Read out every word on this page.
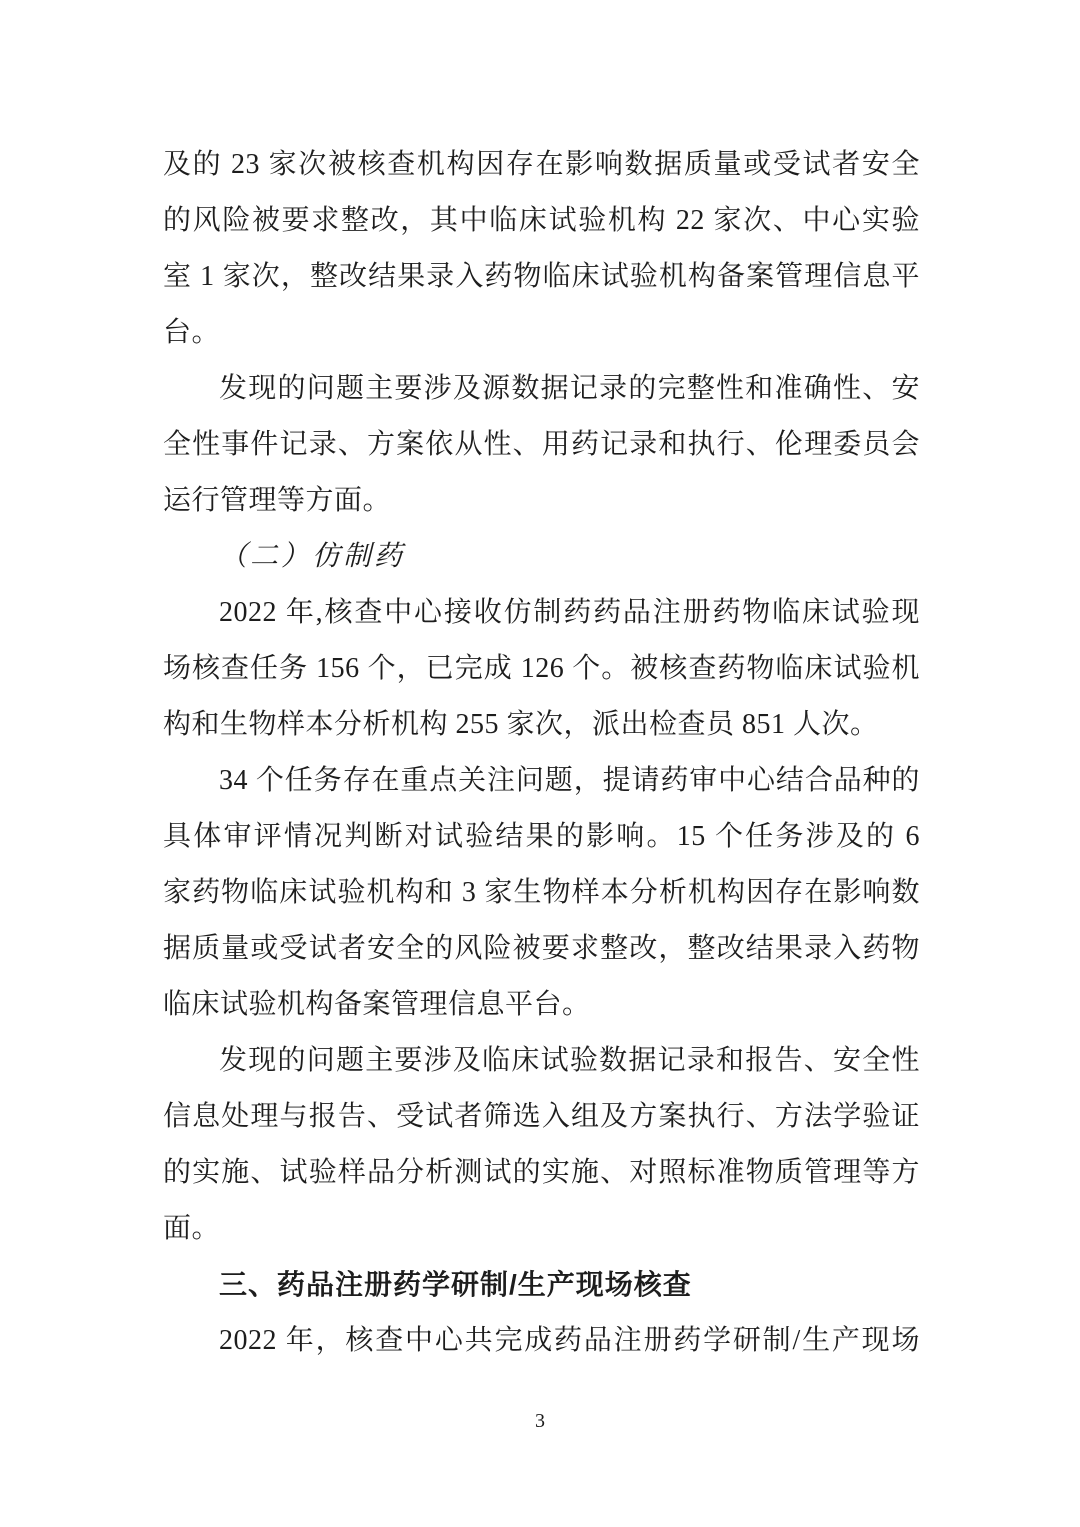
及的 23 家次被核查机构因存在影响数据质量或受试者安全
的风险被要求整改，其中临床试验机构 22 家次、中心实验
室 1 家次，整改结果录入药物临床试验机构备案管理信息平
台。
发现的问题主要涉及源数据记录的完整性和准确性、安
全性事件记录、方案依从性、用药记录和执行、伦理委员会
运行管理等方面。
（二）仿制药
2022 年,核查中心接收仿制药药品注册药物临床试验现
场核查任务 156 个，已完成 126 个。被核查药物临床试验机
构和生物样本分析机构 255 家次，派出检查员 851 人次。
34 个任务存在重点关注问题，提请药审中心结合品种的
具体审评情况判断对试验结果的影响。15 个任务涉及的 6
家药物临床试验机构和 3 家生物样本分析机构因存在影响数
据质量或受试者安全的风险被要求整改，整改结果录入药物
临床试验机构备案管理信息平台。
发现的问题主要涉及临床试验数据记录和报告、安全性
信息处理与报告、受试者筛选入组及方案执行、方法学验证
的实施、试验样品分析测试的实施、对照标准物质管理等方
面。
三、药品注册药学研制/生产现场核查
2022 年，核查中心共完成药品注册药学研制/生产现场
3
